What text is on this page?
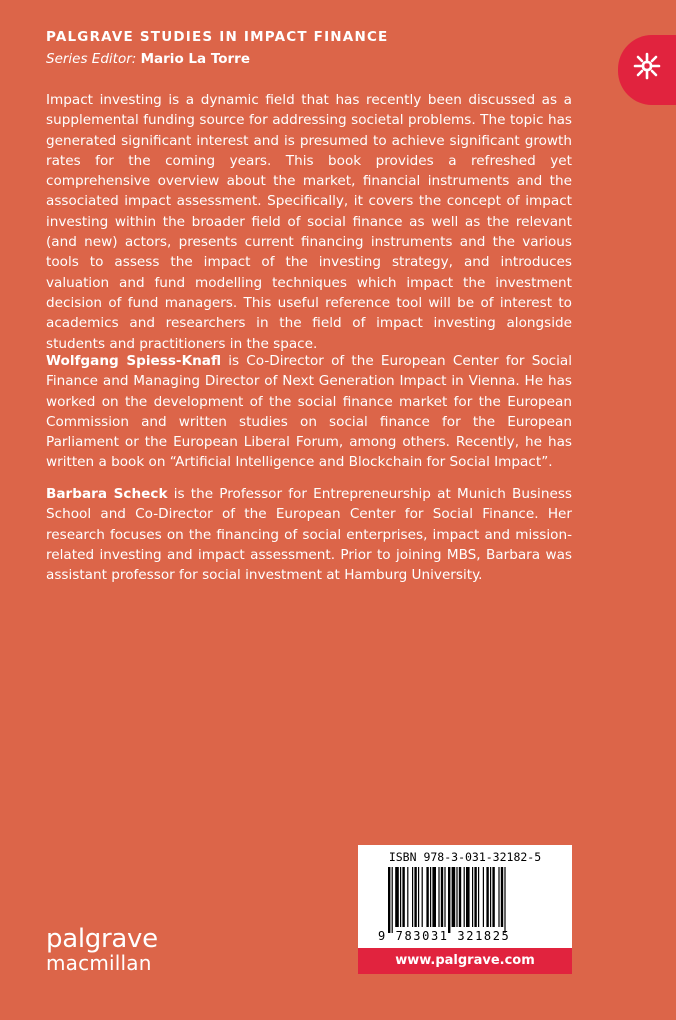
PALGRAVE STUDIES IN IMPACT FINANCE
Series Editor: Mario La Torre

Impact investing is a dynamic field that has recently been discussed as a supplemental funding source for addressing societal problems. The topic has generated significant interest and is presumed to achieve significant growth rates for the coming years. This book provides a refreshed yet comprehensive overview about the market, financial instruments and the associated impact assessment. Specifically, it covers the concept of impact investing within the broader field of social finance as well as the relevant (and new) actors, presents current financing instruments and the various tools to assess the impact of the investing strategy, and introduces valuation and fund modelling techniques which impact the investment decision of fund managers. This useful reference tool will be of interest to academics and researchers in the field of impact investing alongside students and practitioners in the space.

Wolfgang Spiess-Knafl is Co-Director of the European Center for Social Finance and Managing Director of Next Generation Impact in Vienna. He has worked on the development of the social finance market for the European Commission and written studies on social finance for the European Parliament or the European Liberal Forum, among others. Recently, he has written a book on “Artificial Intelligence and Blockchain for Social Impact”.

Barbara Scheck is the Professor for Entrepreneurship at Munich Business School and Co-Director of the European Center for Social Finance. Her research focuses on the financing of social enterprises, impact and mission-related investing and impact assessment. Prior to joining MBS, Barbara was assistant professor for social investment at Hamburg University.

ISBN 978-3-031-32182-5
9 783031 321825
www.palgrave.com
palgrave
macmillan
